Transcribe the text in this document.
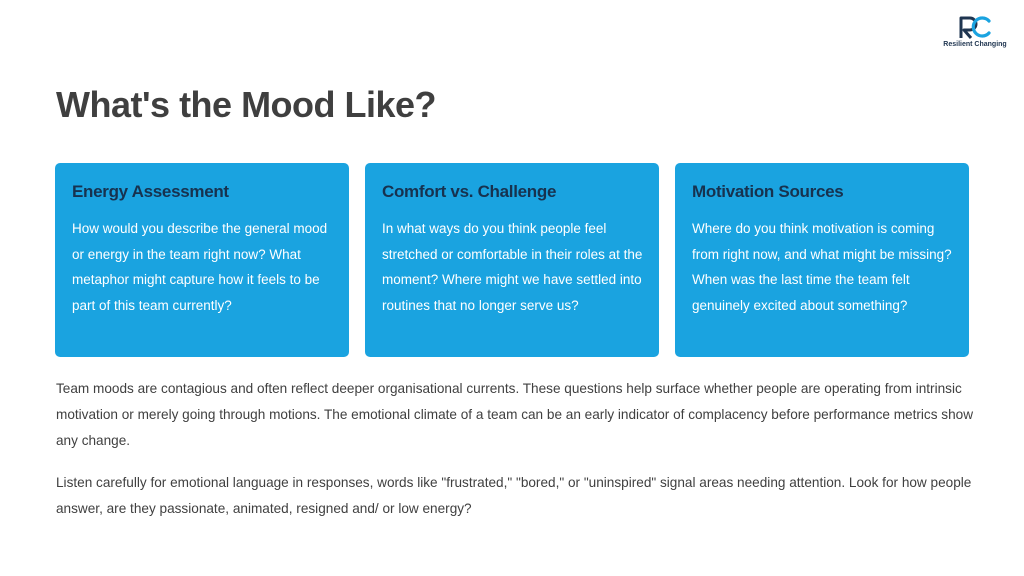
Resilient Changing
What's the Mood Like?
Energy Assessment

How would you describe the general mood or energy in the team right now? What metaphor might capture how it feels to be part of this team currently?

Comfort vs. Challenge

In what ways do you think people feel stretched or comfortable in their roles at the moment? Where might we have settled into routines that no longer serve us?

Motivation Sources

Where do you think motivation is coming from right now, and what might be missing? When was the last time the team felt genuinely excited about something?

Team moods are contagious and often reflect deeper organisational currents. These questions help surface whether people are operating from intrinsic motivation or merely going through motions. The emotional climate of a team can be an early indicator of complacency before performance metrics show any change.

Listen carefully for emotional language in responses, words like "frustrated," "bored," or "uninspired" signal areas needing attention. Look for how people answer, are they passionate, animated, resigned and/ or low energy?
